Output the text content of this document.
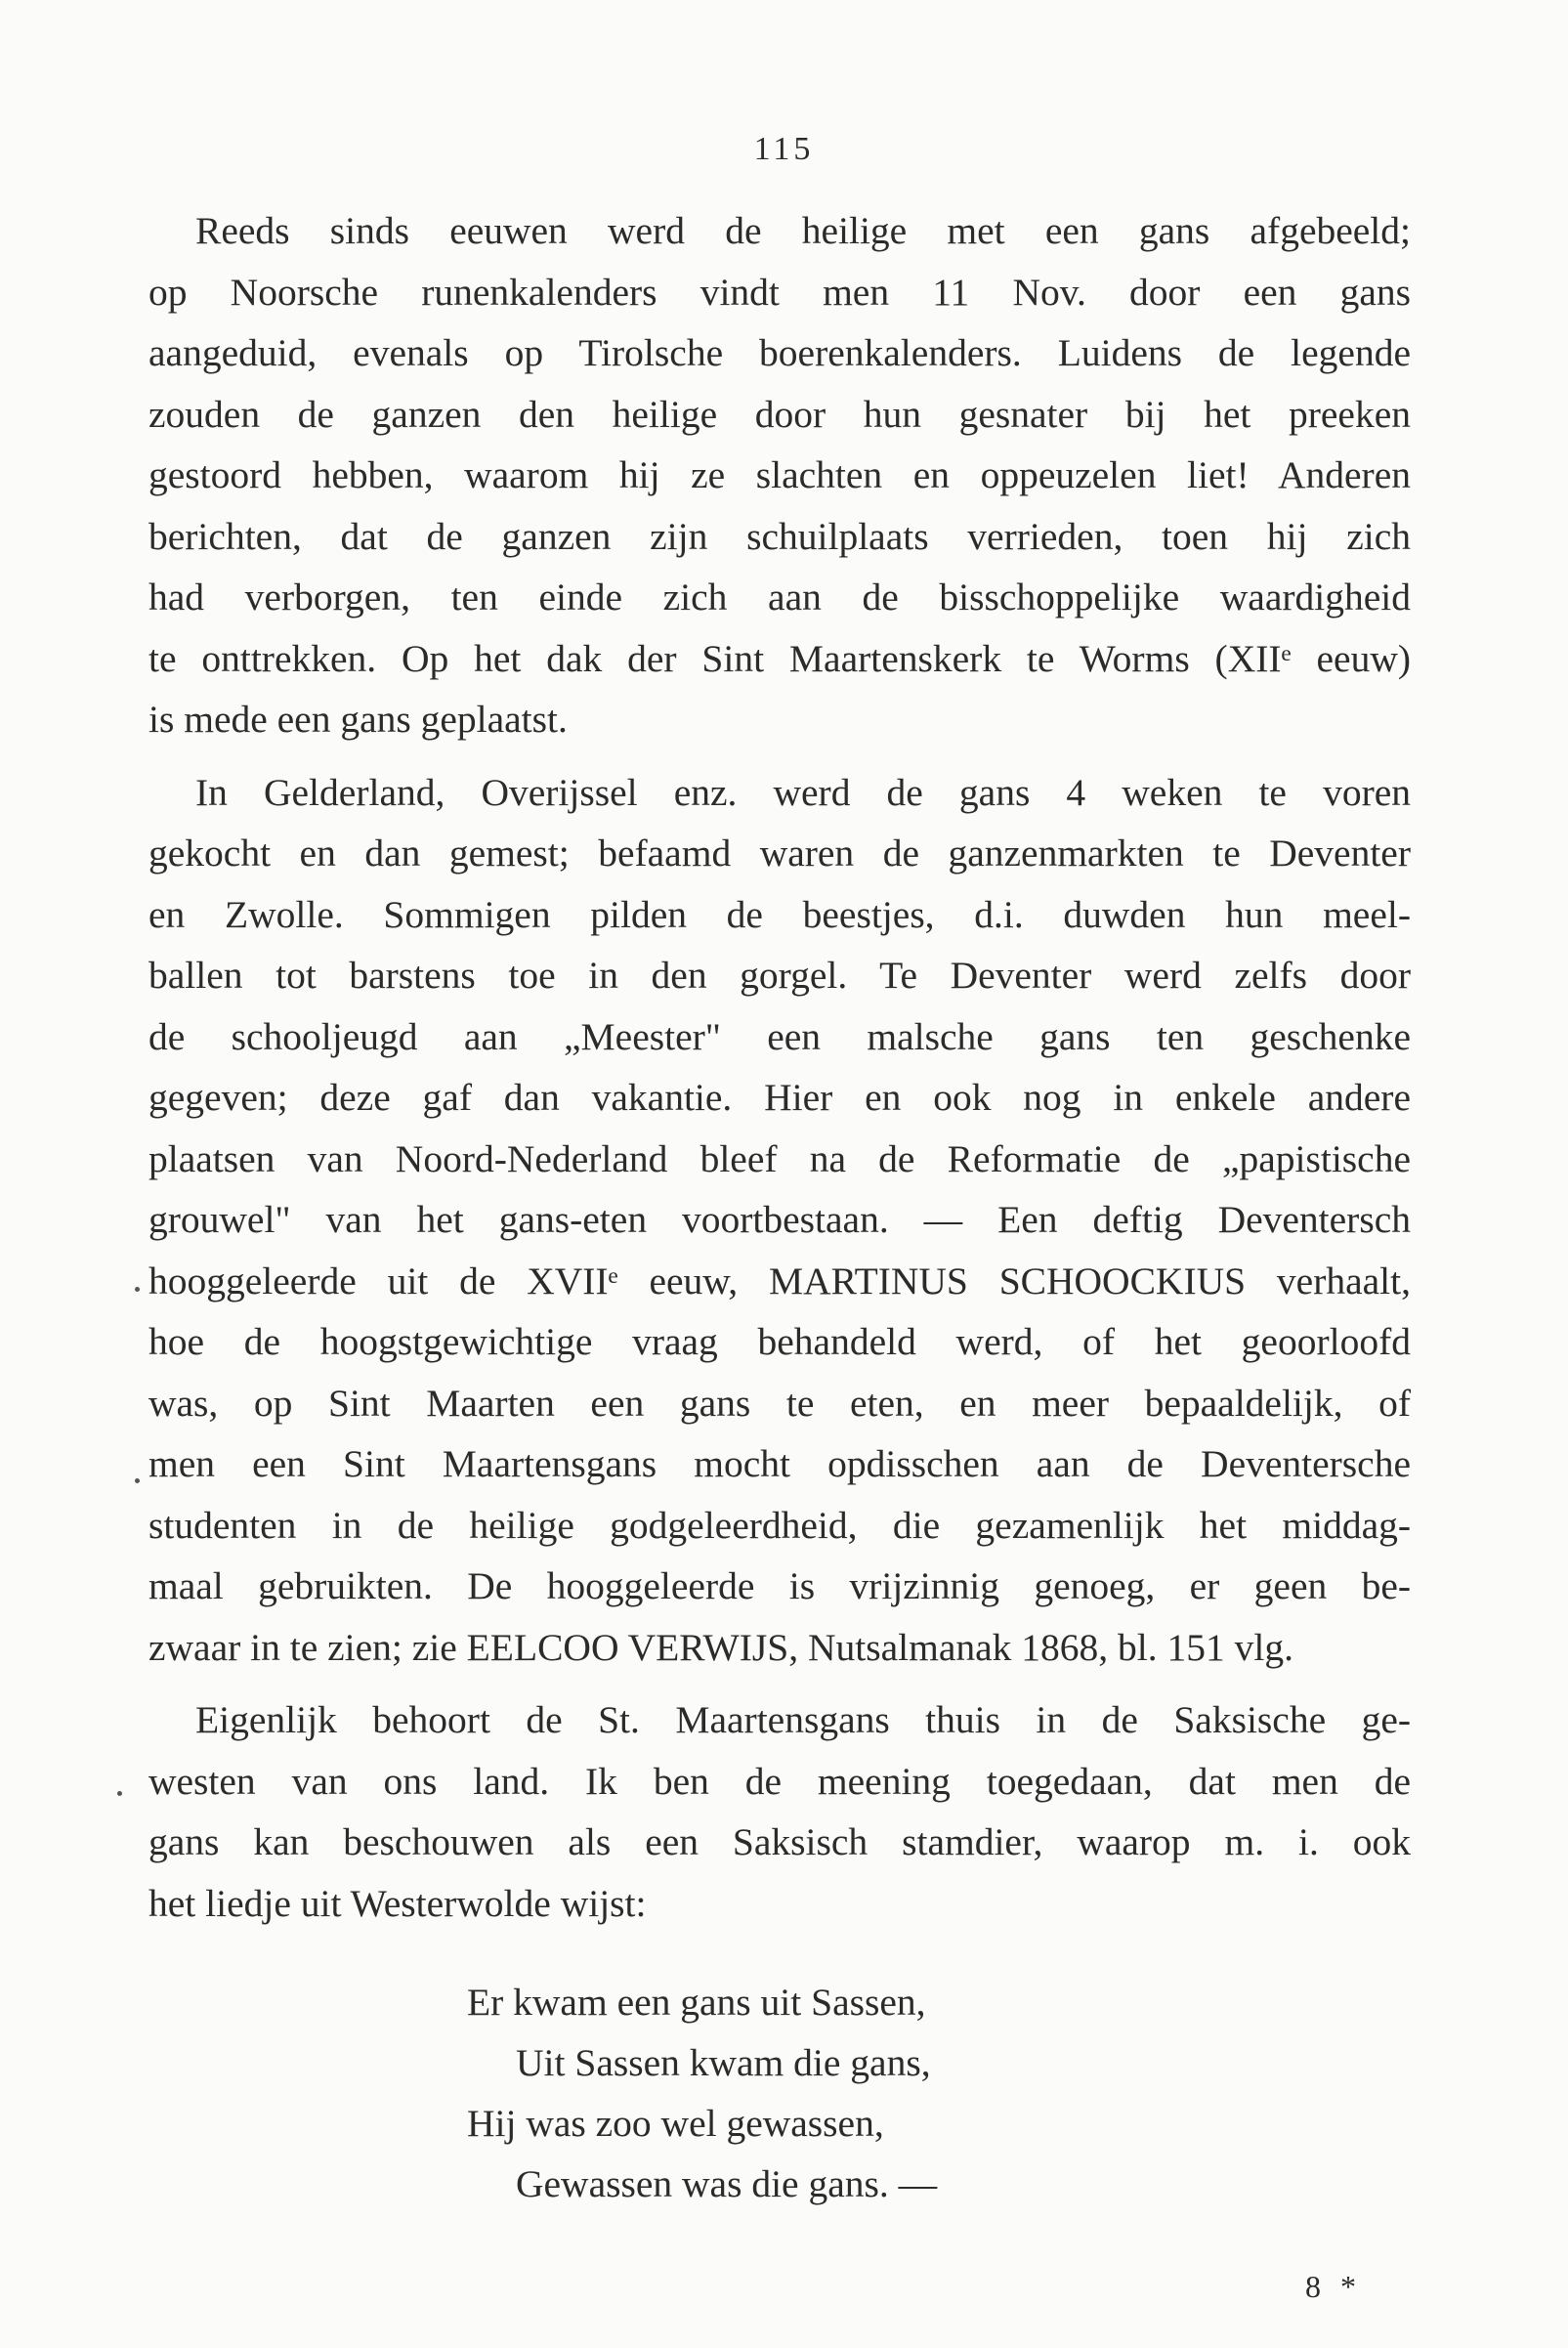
115
Reeds sinds eeuwen werd de heilige met een gans afgebeeld;
op Noorsche runenkalenders vindt men 11 Nov. door een gans
aangeduid, evenals op Tirolsche boerenkalenders. Luidens de legende
zouden de ganzen den heilige door hun gesnater bij het preeken
gestoord hebben, waarom hij ze slachten en oppeuzelen liet! Anderen
berichten, dat de ganzen zijn schuilplaats verrieden, toen hij zich
had verborgen, ten einde zich aan de bisschoppelijke waardigheid
te onttrekken. Op het dak der Sint Maartenskerk te Worms (XIIᵉ eeuw)
is mede een gans geplaatst.
In Gelderland, Overijssel enz. werd de gans 4 weken te voren
gekocht en dan gemest; befaamd waren de ganzenmarkten te Deventer
en Zwolle. Sommigen pilden de beestjes, d.i. duwden hun meel-
ballen tot barstens toe in den gorgel. Te Deventer werd zelfs door
de schooljeugd aan „Meester" een malsche gans ten geschenke
gegeven; deze gaf dan vakantie. Hier en ook nog in enkele andere
plaatsen van Noord-Nederland bleef na de Reformatie de „papistische
grouwel" van het gans-eten voortbestaan. — Een deftig Deventersch
hooggeleerde uit de XVIIᵉ eeuw, MARTINUS SCHOOCKIUS verhaalt,
hoe de hoogstgewichtige vraag behandeld werd, of het geoorloofd
was, op Sint Maarten een gans te eten, en meer bepaaldelijk, of
men een Sint Maartensgans mocht opdisschen aan de Deventersche
studenten in de heilige godgeleerdheid, die gezamenlijk het middag-
maal gebruikten. De hooggeleerde is vrijzinnig genoeg, er geen be-
zwaar in te zien; zie EELCOO VERWIJS, Nutsalmanak 1868, bl. 151 vlg.
Eigenlijk behoort de St. Maartensgans thuis in de Saksische ge-
westen van ons land. Ik ben de meening toegedaan, dat men de
gans kan beschouwen als een Saksisch stamdier, waarop m. i. ook
het liedje uit Westerwolde wijst:
Er kwam een gans uit Sassen,
Uit Sassen kwam die gans,
Hij was zoo wel gewassen,
Gewassen was die gans. —
8 *
